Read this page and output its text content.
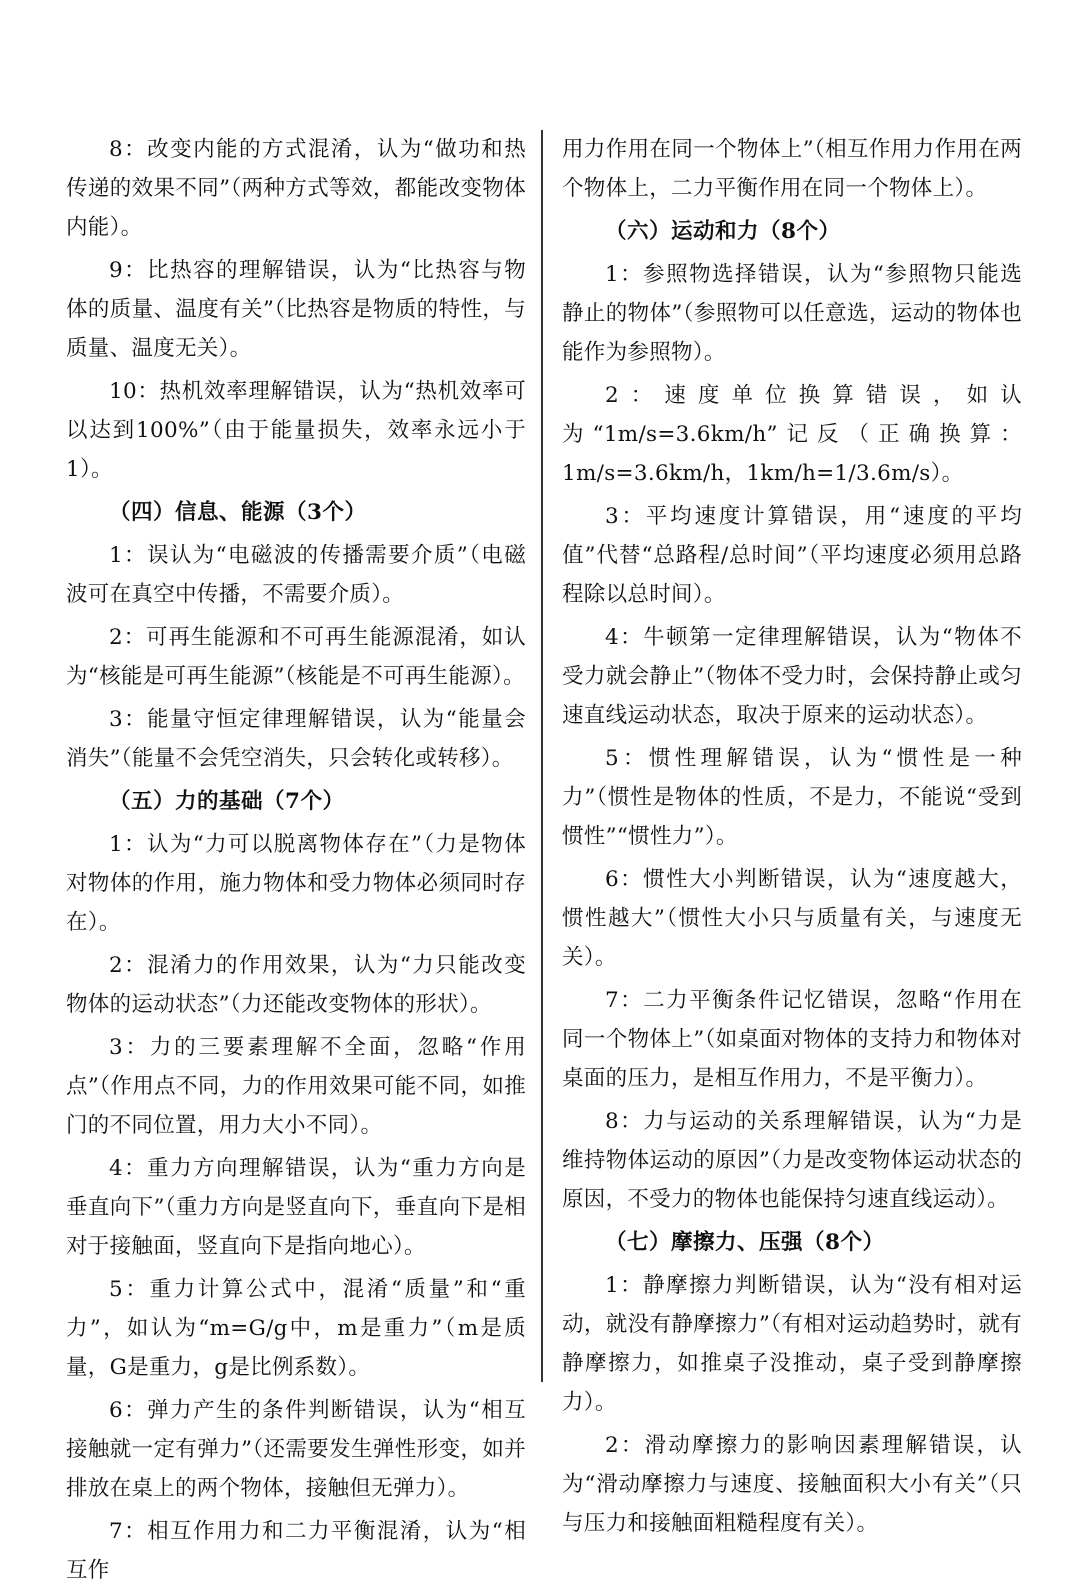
8：改变内能的方式混淆，认为“做功和热传递的效果不同”（两种方式等效，都能改变物体内能）。

9：比热容的理解错误，认为“比热容与物体的质量、温度有关”（比热容是物质的特性，与质量、温度无关）。

10：热机效率理解错误，认为“热机效率可以达到100%”（由于能量损失，效率永远小于1）。

（四）信息、能源（3个）

1：误认为“电磁波的传播需要介质”（电磁波可在真空中传播，不需要介质）。

2：可再生能源和不可再生能源混淆，如认为“核能是可再生能源”（核能是不可再生能源）。

3：能量守恒定律理解错误，认为“能量会消失”（能量不会凭空消失，只会转化或转移）。

（五）力的基础（7个）

1：认为“力可以脱离物体存在”（力是物体对物体的作用，施力物体和受力物体必须同时存在）。

2：混淆力的作用效果，认为“力只能改变物体的运动状态”（力还能改变物体的形状）。

3：力的三要素理解不全面，忽略“作用点”（作用点不同，力的作用效果可能不同，如推门的不同位置，用力大小不同）。

4：重力方向理解错误，认为“重力方向是垂直向下”（重力方向是竖直向下，垂直向下是相对于接触面，竖直向下是指向地心）。

5：重力计算公式中，混淆“质量”和“重力”，如认为“m=G/g中，m是重力”（m是质量，G是重力，g是比例系数）。

6：弹力产生的条件判断错误，认为“相互接触就一定有弹力”（还需要发生弹性形变，如并排放在桌上的两个物体，接触但无弹力）。

7：相互作用力和二力平衡混淆，认为“相互作

用力作用在同一个物体上”（相互作用力作用在两个物体上，二力平衡作用在同一个物体上）。

（六）运动和力（8个）

1：参照物选择错误，认为“参照物只能选静止的物体”（参照物可以任意选，运动的物体也能作为参照物）。

2：速度单位换算错误，如认为“1m/s=3.6km/h”记反（正确换算：1m/s=3.6km/h，1km/h=1/3.6m/s）。

3：平均速度计算错误，用“速度的平均值”代替“总路程/总时间”（平均速度必须用总路程除以总时间）。

4：牛顿第一定律理解错误，认为“物体不受力就会静止”（物体不受力时，会保持静止或匀速直线运动状态，取决于原来的运动状态）。

5：惯性理解错误，认为“惯性是一种力”（惯性是物体的性质，不是力，不能说“受到惯性”“惯性力”）。

6：惯性大小判断错误，认为“速度越大，惯性越大”（惯性大小只与质量有关，与速度无关）。

7：二力平衡条件记忆错误，忽略“作用在同一个物体上”（如桌面对物体的支持力和物体对桌面的压力，是相互作用力，不是平衡力）。

8：力与运动的关系理解错误，认为“力是维持物体运动的原因”（力是改变物体运动状态的原因，不受力的物体也能保持匀速直线运动）。

（七）摩擦力、压强（8个）

1：静摩擦力判断错误，认为“没有相对运动，就没有静摩擦力”（有相对运动趋势时，就有静摩擦力，如推桌子没推动，桌子受到静摩擦力）。

2：滑动摩擦力的影响因素理解错误，认为“滑动摩擦力与速度、接触面积大小有关”（只与压力和接触面粗糙程度有关）。
